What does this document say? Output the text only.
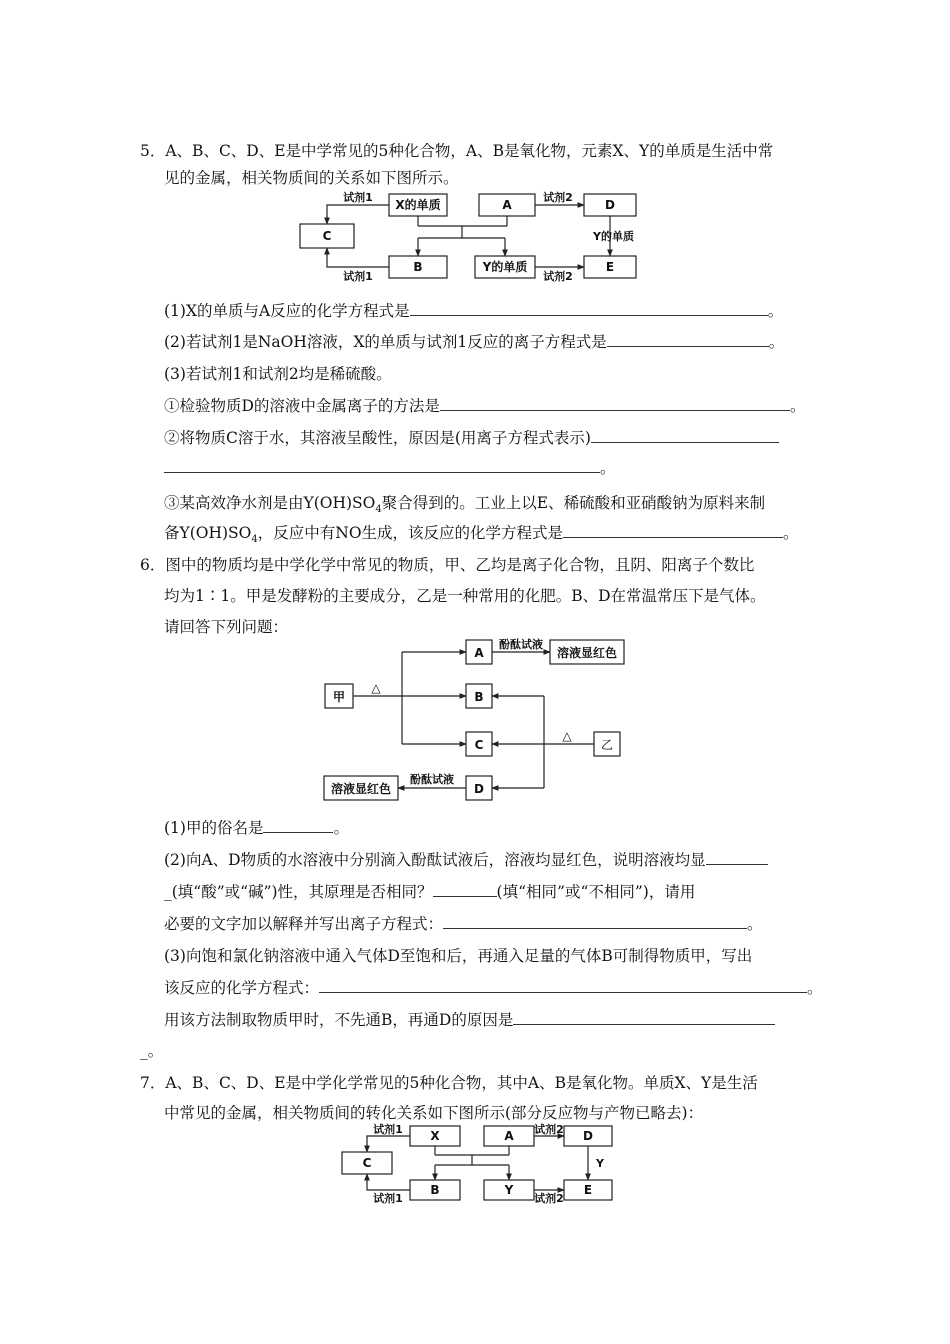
5．A、B、C、D、E是中学常见的5种化合物，A、B是氧化物，元素X、Y的单质是生活中常
见的金属，相关物质间的关系如下图所示。
X的单质	A	D
C
B	Y的单质	E
试剂1	试剂2
试剂1	试剂2
Y的单质
(1)X的单质与A反应的化学方程式是	。
(2)若试剂1是NaOH溶液，X的单质与试剂1反应的离子方程式是	。
(3)若试剂1和试剂2均是稀硫酸。
①检验物质D的溶液中金属离子的方法是	。
②将物质C溶于水，其溶液呈酸性，原因是(用离子方程式表示)
。
③某高效净水剂是由$Y(OH)SO_4$聚合得到的。工业上以E、稀硫酸和亚硝酸钠为原料来制
备$Y(OH)SO_4$，反应中有NO生成，该反应的化学方程式是	。
6．图中的物质均是中学化学中常见的物质，甲、乙均是离子化合物，且阴、阳离子个数比
均为1∶1。甲是发酵粉的主要成分，乙是一种常用的化肥。B、D在常温常压下是气体。
请回答下列问题：
甲
A	溶液显红色
B
C	乙
D
溶液显红色
酚酞试液
酚酞试液
△
△
(1)甲的俗名是	。
(2)向A、D物质的水溶液中分别滴入酚酞试液后，溶液均显红色，说明溶液均显
_(填“酸”或“碱”)性，其原理是否相同？	(填“相同”或“不相同”)，请用
必要的文字加以解释并写出离子方程式：	。
(3)向饱和氯化钠溶液中通入气体D至饱和后，再通入足量的气体B可制得物质甲，写出
该反应的化学方程式：	。
用该方法制取物质甲时，不先通B，再通D的原因是
_。
7．A、B、C、D、E是中学化学常见的5种化合物，其中A、B是氧化物。单质X、Y是生活
中常见的金属，相关物质间的转化关系如下图所示(部分反应物与产物已略去)：
X	A	D
C
B	Y	E
试剂1	试剂2
试剂1	试剂2
Y
